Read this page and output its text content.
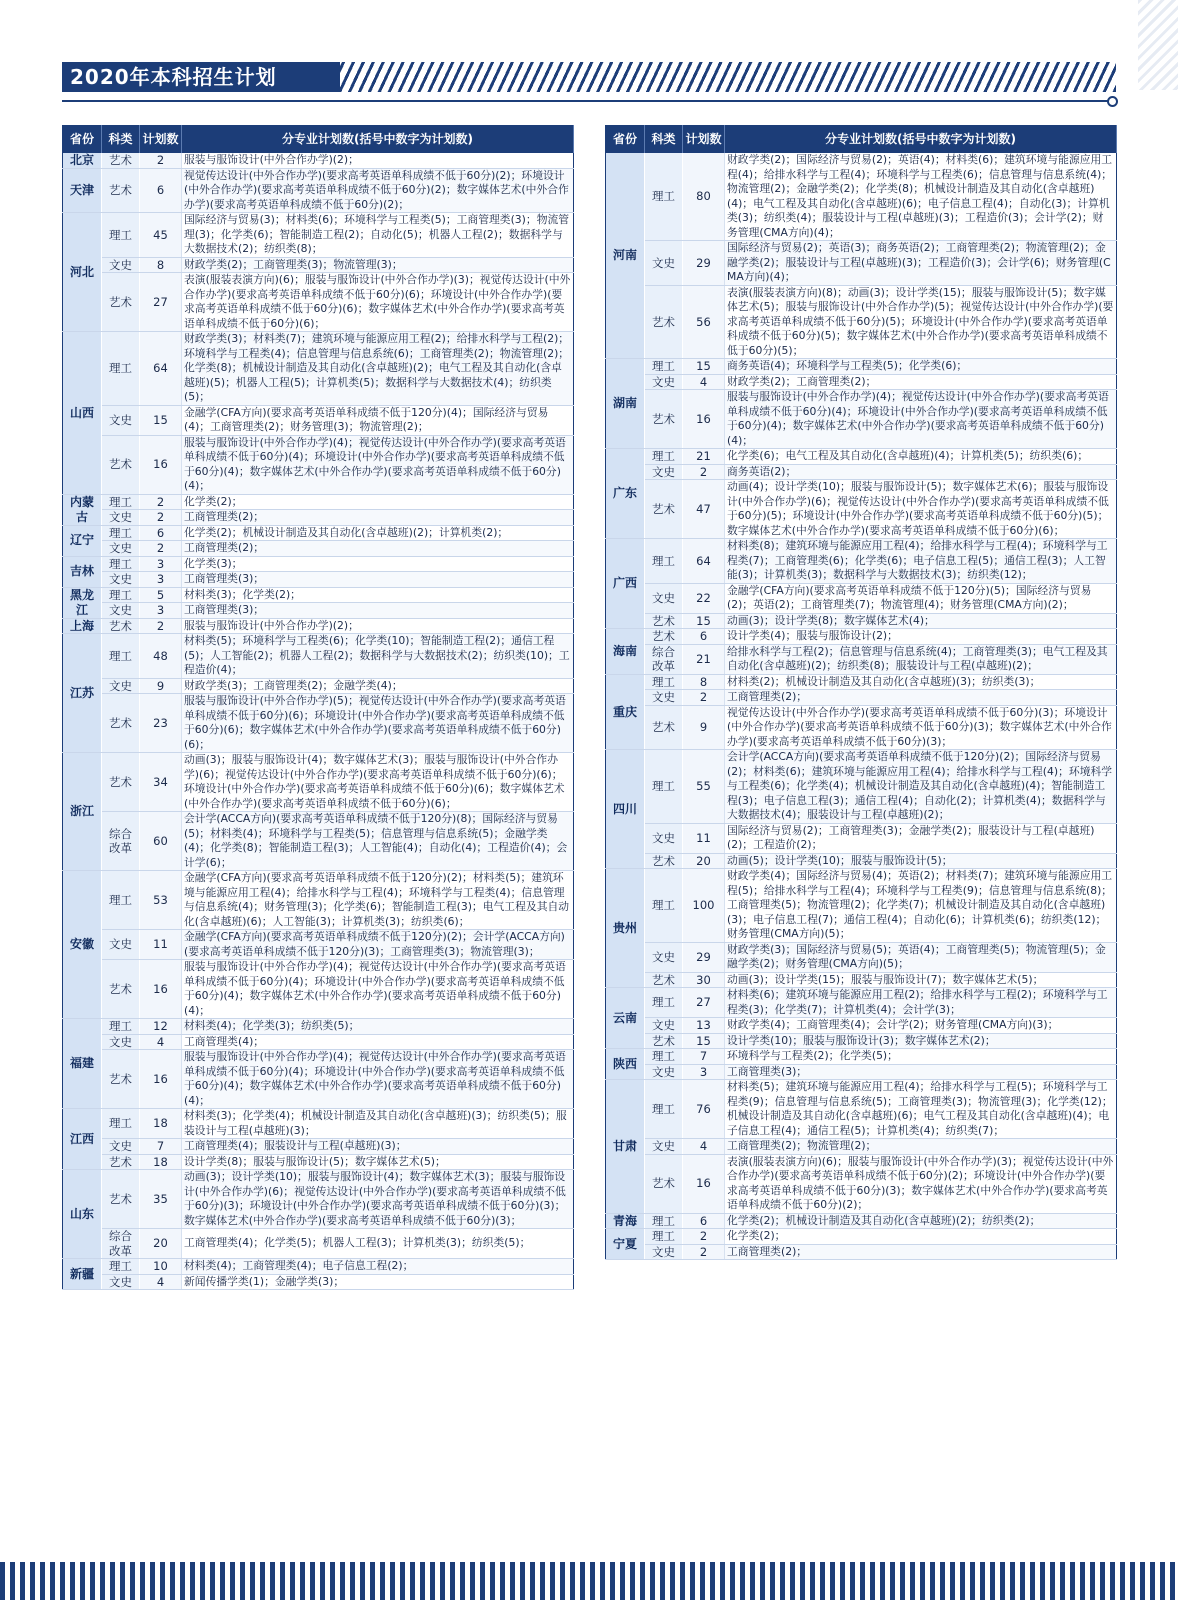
2020年本科招生计划
省份	科类	计划数	分专业计划数(括号中数字为计划数)
北京	艺术	2	服装与服饰设计(中外合作办学)(2)；
天津	艺术	6	视觉传达设计(中外合作办学)(要求高考英语单科成绩不低于60分)(2)；环境设计(中外合作办学)(要求高考英语单科成绩不低于60分)(2)；数字媒体艺术(中外合作办学)(要求高考英语单科成绩不低于60分)(2)；
河北	理工	45	国际经济与贸易(3)；材料类(6)；环境科学与工程类(5)；工商管理类(3)；物流管理(3)；化学类(6)；智能制造工程(2)；自动化(5)；机器人工程(2)；数据科学与大数据技术(2)；纺织类(8)；
	文史	8	财政学类(2)；工商管理类(3)；物流管理(3)；
	艺术	27	表演(服装表演方向)(6)；服装与服饰设计(中外合作办学)(3)；视觉传达设计(中外合作办学)(要求高考英语单科成绩不低于60分)(6)；环境设计(中外合作办学)(要求高考英语单科成绩不低于60分)(6)；数字媒体艺术(中外合作办学)(要求高考英语单科成绩不低于60分)(6)；
山西	理工	64	财政学类(3)；材料类(7)；建筑环境与能源应用工程(2)；给排水科学与工程(2)；环境科学与工程类(4)；信息管理与信息系统(6)；工商管理类(2)；物流管理(2)；化学类(8)；机械设计制造及其自动化(含卓越班)(2)；电气工程及其自动化(含卓越班)(5)；机器人工程(5)；计算机类(5)；数据科学与大数据技术(4)；纺织类(5)；
	文史	15	金融学(CFA方向)(要求高考英语单科成绩不低于120分)(4)；国际经济与贸易(4)；工商管理类(2)；财务管理(3)；物流管理(2)；
	艺术	16	服装与服饰设计(中外合作办学)(4)；视觉传达设计(中外合作办学)(要求高考英语单科成绩不低于60分)(4)；环境设计(中外合作办学)(要求高考英语单科成绩不低于60分)(4)；数字媒体艺术(中外合作办学)(要求高考英语单科成绩不低于60分)(4)；
内蒙古	理工	2	化学类(2)；
	文史	2	工商管理类(2)；
辽宁	理工	6	化学类(2)；机械设计制造及其自动化(含卓越班)(2)；计算机类(2)；
	文史	2	工商管理类(2)；
吉林	理工	3	化学类(3)；
	文史	3	工商管理类(3)；
黑龙江	理工	5	材料类(3)；化学类(2)；
	文史	3	工商管理类(3)；
上海	艺术	2	服装与服饰设计(中外合作办学)(2)；
江苏	理工	48	材料类(5)；环境科学与工程类(6)；化学类(10)；智能制造工程(2)；通信工程(5)；人工智能(2)；机器人工程(2)；数据科学与大数据技术(2)；纺织类(10)；工程造价(4)；
	文史	9	财政学类(3)；工商管理类(2)；金融学类(4)；
	艺术	23	服装与服饰设计(中外合作办学)(5)；视觉传达设计(中外合作办学)(要求高考英语单科成绩不低于60分)(6)；环境设计(中外合作办学)(要求高考英语单科成绩不低于60分)(6)；数字媒体艺术(中外合作办学)(要求高考英语单科成绩不低于60分)(6)；
浙江	艺术	34	动画(3)；服装与服饰设计(4)；数字媒体艺术(3)；服装与服饰设计(中外合作办学)(6)；视觉传达设计(中外合作办学)(要求高考英语单科成绩不低于60分)(6)；环境设计(中外合作办学)(要求高考英语单科成绩不低于60分)(6)；数字媒体艺术(中外合作办学)(要求高考英语单科成绩不低于60分)(6)；
	综合改革	60	会计学(ACCA方向)(要求高考英语单科成绩不低于120分)(8)；国际经济与贸易(5)；材料类(4)；环境科学与工程类(5)；信息管理与信息系统(5)；金融学类(4)；化学类(8)；智能制造工程(3)；人工智能(4)；自动化(4)；工程造价(4)；会计学(6)；
安徽	理工	53	金融学(CFA方向)(要求高考英语单科成绩不低于120分)(2)；材料类(5)；建筑环境与能源应用工程(4)；给排水科学与工程(4)；环境科学与工程类(4)；信息管理与信息系统(4)；财务管理(3)；化学类(6)；智能制造工程(3)；电气工程及其自动化(含卓越班)(6)；人工智能(3)；计算机类(3)；纺织类(6)；
	文史	11	金融学(CFA方向)(要求高考英语单科成绩不低于120分)(2)；会计学(ACCA方向)(要求高考英语单科成绩不低于120分)(3)；工商管理类(3)；物流管理(3)；
	艺术	16	服装与服饰设计(中外合作办学)(4)；视觉传达设计(中外合作办学)(要求高考英语单科成绩不低于60分)(4)；环境设计(中外合作办学)(要求高考英语单科成绩不低于60分)(4)；数字媒体艺术(中外合作办学)(要求高考英语单科成绩不低于60分)(4)；
福建	理工	12	材料类(4)；化学类(3)；纺织类(5)；
	文史	4	工商管理类(4)；
	艺术	16	服装与服饰设计(中外合作办学)(4)；视觉传达设计(中外合作办学)(要求高考英语单科成绩不低于60分)(4)；环境设计(中外合作办学)(要求高考英语单科成绩不低于60分)(4)；数字媒体艺术(中外合作办学)(要求高考英语单科成绩不低于60分)(4)；
江西	理工	18	材料类(3)；化学类(4)；机械设计制造及其自动化(含卓越班)(3)；纺织类(5)；服装设计与工程(卓越班)(3)；
	文史	7	工商管理类(4)；服装设计与工程(卓越班)(3)；
	艺术	18	设计学类(8)；服装与服饰设计(5)；数字媒体艺术(5)；
山东	艺术	35	动画(3)；设计学类(10)；服装与服饰设计(4)；数字媒体艺术(3)；服装与服饰设计(中外合作办学)(6)；视觉传达设计(中外合作办学)(要求高考英语单科成绩不低于60分)(3)；环境设计(中外合作办学)(要求高考英语单科成绩不低于60分)(3)；数字媒体艺术(中外合作办学)(要求高考英语单科成绩不低于60分)(3)；
	综合改革	20	工商管理类(4)；化学类(5)；机器人工程(3)；计算机类(3)；纺织类(5)；
新疆	理工	10	材料类(4)；工商管理类(4)；电子信息工程(2)；
	文史	4	新闻传播学类(1)；金融学类(3)；
省份	科类	计划数	分专业计划数(括号中数字为计划数)
河南	理工	80	财政学类(2)；国际经济与贸易(2)；英语(4)；材料类(6)；建筑环境与能源应用工程(4)；给排水科学与工程(4)；环境科学与工程类(6)；信息管理与信息系统(4)；物流管理(2)；金融学类(2)；化学类(8)；机械设计制造及其自动化(含卓越班)(4)；电气工程及其自动化(含卓越班)(6)；电子信息工程(4)；自动化(3)；计算机类(3)；纺织类(4)；服装设计与工程(卓越班)(3)；工程造价(3)；会计学(2)；财务管理(CMA方向)(4)；
	文史	29	国际经济与贸易(2)；英语(3)；商务英语(2)；工商管理类(2)；物流管理(2)；金融学类(2)；服装设计与工程(卓越班)(3)；工程造价(3)；会计学(6)；财务管理(CMA方向)(4)；
	艺术	56	表演(服装表演方向)(8)；动画(3)；设计学类(15)；服装与服饰设计(5)；数字媒体艺术(5)；服装与服饰设计(中外合作办学)(5)；视觉传达设计(中外合作办学)(要求高考英语单科成绩不低于60分)(5)；环境设计(中外合作办学)(要求高考英语单科成绩不低于60分)(5)；数字媒体艺术(中外合作办学)(要求高考英语单科成绩不低于60分)(5)；
湖南	理工	15	商务英语(4)；环境科学与工程类(5)；化学类(6)；
	文史	4	财政学类(2)；工商管理类(2)；
	艺术	16	服装与服饰设计(中外合作办学)(4)；视觉传达设计(中外合作办学)(要求高考英语单科成绩不低于60分)(4)；环境设计(中外合作办学)(要求高考英语单科成绩不低于60分)(4)；数字媒体艺术(中外合作办学)(要求高考英语单科成绩不低于60分)(4)；
广东	理工	21	化学类(6)；电气工程及其自动化(含卓越班)(4)；计算机类(5)；纺织类(6)；
	文史	2	商务英语(2)；
	艺术	47	动画(4)；设计学类(10)；服装与服饰设计(5)；数字媒体艺术(6)；服装与服饰设计(中外合作办学)(6)；视觉传达设计(中外合作办学)(要求高考英语单科成绩不低于60分)(5)；环境设计(中外合作办学)(要求高考英语单科成绩不低于60分)(5)；数字媒体艺术(中外合作办学)(要求高考英语单科成绩不低于60分)(6)；
广西	理工	64	材料类(8)；建筑环境与能源应用工程(4)；给排水科学与工程(4)；环境科学与工程类(7)；工商管理类(6)；化学类(6)；电子信息工程(5)；通信工程(3)；人工智能(3)；计算机类(3)；数据科学与大数据技术(3)；纺织类(12)；
	文史	22	金融学(CFA方向)(要求高考英语单科成绩不低于120分)(5)；国际经济与贸易(2)；英语(2)；工商管理类(7)；物流管理(4)；财务管理(CMA方向)(2)；
	艺术	15	动画(3)；设计学类(8)；数字媒体艺术(4)；
海南	艺术	6	设计学类(4)；服装与服饰设计(2)；
	综合改革	21	给排水科学与工程(2)；信息管理与信息系统(4)；工商管理类(3)；电气工程及其自动化(含卓越班)(2)；纺织类(8)；服装设计与工程(卓越班)(2)；
重庆	理工	8	材料类(2)；机械设计制造及其自动化(含卓越班)(3)；纺织类(3)；
	文史	2	工商管理类(2)；
	艺术	9	视觉传达设计(中外合作办学)(要求高考英语单科成绩不低于60分)(3)；环境设计(中外合作办学)(要求高考英语单科成绩不低于60分)(3)；数字媒体艺术(中外合作办学)(要求高考英语单科成绩不低于60分)(3)；
四川	理工	55	会计学(ACCA方向)(要求高考英语单科成绩不低于120分)(2)；国际经济与贸易(2)；材料类(6)；建筑环境与能源应用工程(4)；给排水科学与工程(4)；环境科学与工程类(6)；化学类(4)；机械设计制造及其自动化(含卓越班)(4)；智能制造工程(3)；电子信息工程(3)；通信工程(4)；自动化(2)；计算机类(4)；数据科学与大数据技术(4)；服装设计与工程(卓越班)(2)；
	文史	11	国际经济与贸易(2)；工商管理类(3)；金融学类(2)；服装设计与工程(卓越班)(2)；工程造价(2)；
	艺术	20	动画(5)；设计学类(10)；服装与服饰设计(5)；
贵州	理工	100	财政学类(4)；国际经济与贸易(4)；英语(2)；材料类(7)；建筑环境与能源应用工程(5)；给排水科学与工程(4)；环境科学与工程类(9)；信息管理与信息系统(8)；工商管理类(5)；物流管理(2)；化学类(7)；机械设计制造及其自动化(含卓越班)(3)；电子信息工程(7)；通信工程(4)；自动化(6)；计算机类(6)；纺织类(12)；财务管理(CMA方向)(5)；
	文史	29	财政学类(3)；国际经济与贸易(5)；英语(4)；工商管理类(5)；物流管理(5)；金融学类(2)；财务管理(CMA方向)(5)；
	艺术	30	动画(3)；设计学类(15)；服装与服饰设计(7)；数字媒体艺术(5)；
云南	理工	27	材料类(6)；建筑环境与能源应用工程(2)；给排水科学与工程(2)；环境科学与工程类(3)；化学类(7)；计算机类(4)；会计学(3)；
	文史	13	财政学类(4)；工商管理类(4)；会计学(2)；财务管理(CMA方向)(3)；
	艺术	15	设计学类(10)；服装与服饰设计(3)；数字媒体艺术(2)；
陕西	理工	7	环境科学与工程类(2)；化学类(5)；
	文史	3	工商管理类(3)；
甘肃	理工	76	材料类(5)；建筑环境与能源应用工程(4)；给排水科学与工程(5)；环境科学与工程类(9)；信息管理与信息系统(5)；工商管理类(3)；物流管理(3)；化学类(12)；机械设计制造及其自动化(含卓越班)(6)；电气工程及其自动化(含卓越班)(4)；电子信息工程(4)；通信工程(5)；计算机类(4)；纺织类(7)；
	文史	4	工商管理类(2)；物流管理(2)；
	艺术	16	表演(服装表演方向)(6)；服装与服饰设计(中外合作办学)(3)；视觉传达设计(中外合作办学)(要求高考英语单科成绩不低于60分)(2)；环境设计(中外合作办学)(要求高考英语单科成绩不低于60分)(3)；数字媒体艺术(中外合作办学)(要求高考英语单科成绩不低于60分)(2)；
青海	理工	6	化学类(2)；机械设计制造及其自动化(含卓越班)(2)；纺织类(2)；
宁夏	理工	2	化学类(2)；
	文史	2	工商管理类(2)；
